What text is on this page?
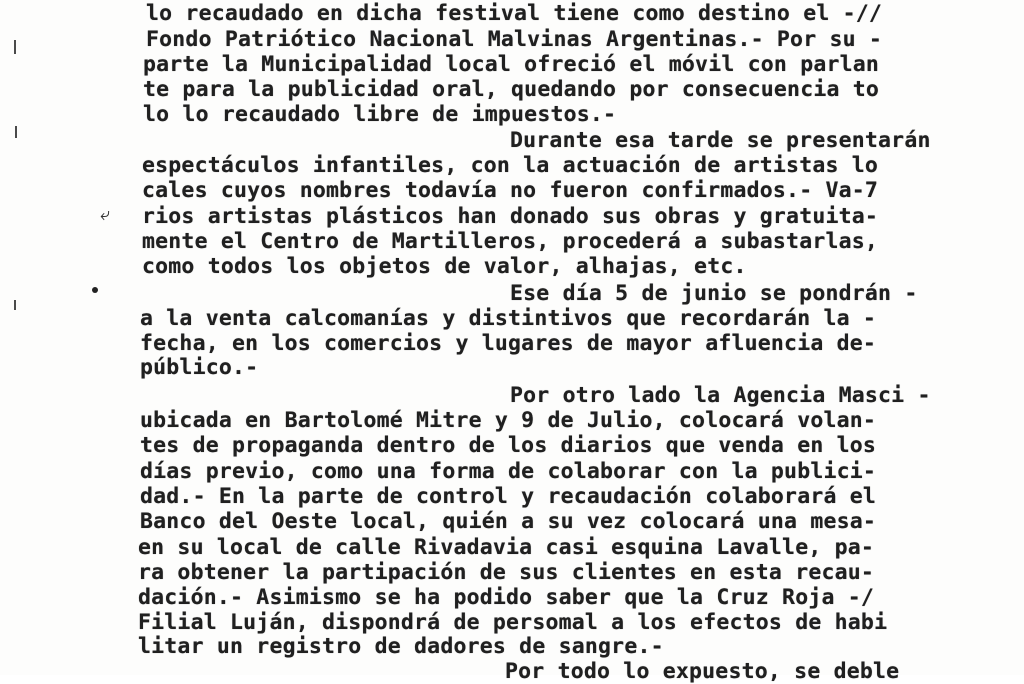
⤶
lo recaudado en dicha festival tiene como destino el -//
Fondo Patriótico Nacional Malvinas Argentinas.- Por su -
parte la Municipalidad local ofreció el móvil con parlan
te para la publicidad oral, quedando por consecuencia to
lo lo recaudado libre de impuestos.-
Durante esa tarde se presentarán
espectáculos infantiles, con la actuación de artistas lo
cales cuyos nombres todavía no fueron confirmados.- Va-7
rios artistas plásticos han donado sus obras y gratuita-
mente el Centro de Martilleros, procederá a subastarlas,
como todos los objetos de valor, alhajas, etc.
Ese día 5 de junio se pondrán -
a la venta calcomanías y distintivos que recordarán la -
fecha, en los comercios y lugares de mayor afluencia de-
público.-
Por otro lado la Agencia Masci -
ubicada en Bartolomé Mitre y 9 de Julio, colocará volan-
tes de propaganda dentro de los diarios que venda en los
días previo, como una forma de colaborar con la publici-
dad.- En la parte de control y recaudación colaborará el
Banco del Oeste local, quién a su vez colocará una mesa-
en su local de calle Rivadavia casi esquina Lavalle, pa-
ra obtener la partipación de sus clientes en esta recau-
dación.- Asimismo se ha podido saber que la Cruz Roja -/
Filial Luján, dispondrá de persomal a los efectos de habi
litar un registro de dadores de sangre.-
Por todo lo expuesto, se deble
